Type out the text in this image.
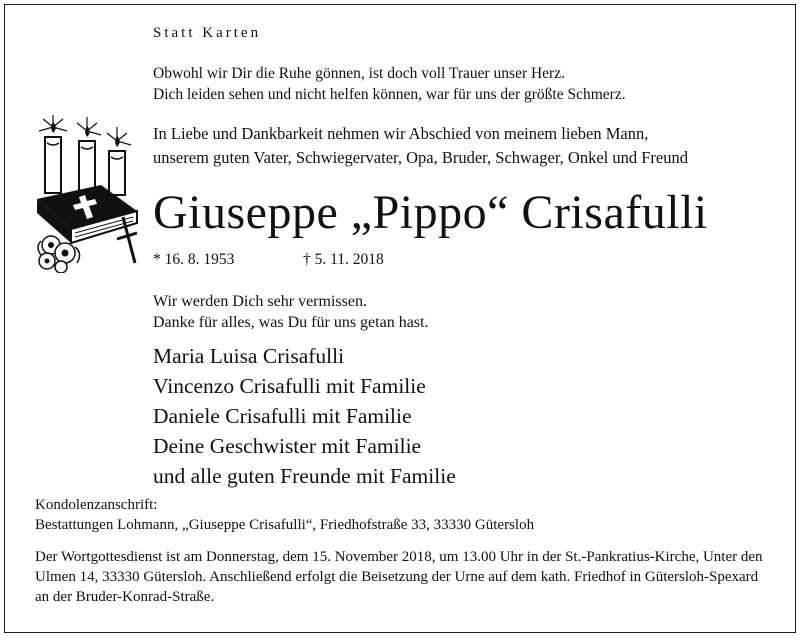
Statt Karten

Obwohl wir Dir die Ruhe gönnen, ist doch voll Trauer unser Herz.

Dich leiden sehen und nicht helfen können, war für uns der größte Schmerz.

In Liebe und Dankbarkeit nehmen wir Abschied von meinem lieben Mann,

unserem guten Vater, Schwiegervater, Opa, Bruder, Schwager, Onkel und Freund

Giuseppe „Pippo“ Crisafulli
* 16. 8. 1953	† 5. 11. 2018

Wir werden Dich sehr vermissen.

Danke für alles, was Du für uns getan hast.

Maria Luisa Crisafulli

Vincenzo Crisafulli mit Familie

Daniele Crisafulli mit Familie

Deine Geschwister mit Familie

und alle guten Freunde mit Familie

Kondolenzanschrift:

Bestattungen Lohmann, „Giuseppe Crisafulli“, Friedhofstraße 33, 33330 Gütersloh

Der Wortgottesdienst ist am Donnerstag, dem 15. November 2018, um 13.00 Uhr in der St.-Pankratius-Kirche, Unter den Ulmen 14, 33330 Gütersloh. Anschließend erfolgt die Beisetzung der Urne auf dem kath. Friedhof in Gütersloh-Spexard an der Bruder-Konrad-Straße.
